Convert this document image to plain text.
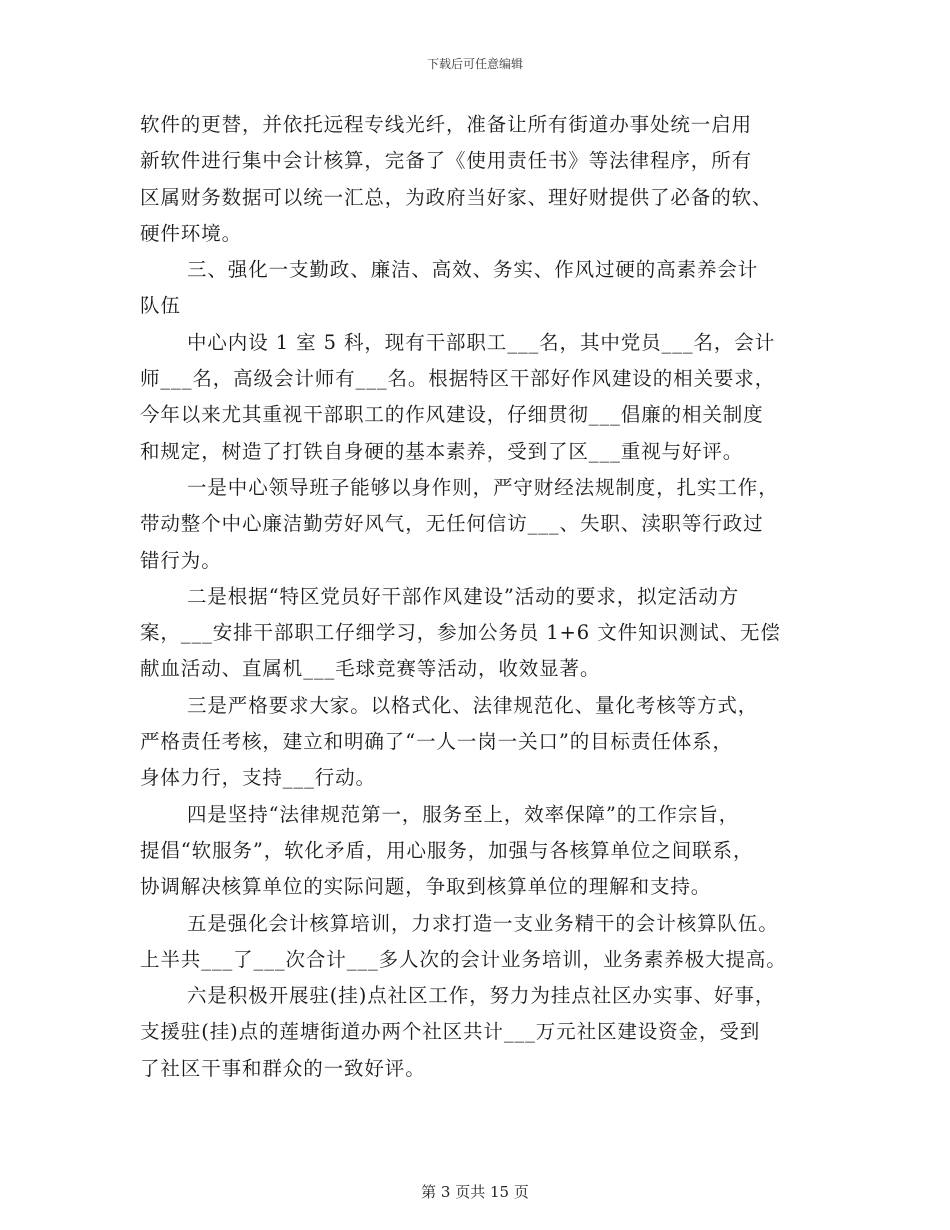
下载后可任意编辑
软件的更替，并依托远程专线光纤，准备让所有街道办事处统一启用
新软件进行集中会计核算，完备了《使用责任书》等法律程序，所有
区属财务数据可以统一汇总，为政府当好家、理好财提供了必备的软、
硬件环境。
三、强化一支勤政、廉洁、高效、务实、作风过硬的高素养会计
队伍
中心内设 1 室 5 科，现有干部职工___名，其中党员___名，会计
师___名，高级会计师有___名。根据特区干部好作风建设的相关要求，
今年以来尤其重视干部职工的作风建设，仔细贯彻___倡廉的相关制度
和规定，树造了打铁自身硬的基本素养，受到了区___重视与好评。
一是中心领导班子能够以身作则，严守财经法规制度，扎实工作，
带动整个中心廉洁勤劳好风气，无任何信访___、失职、渎职等行政过
错行为。
二是根据“特区党员好干部作风建设”活动的要求，拟定活动方
案，___安排干部职工仔细学习，参加公务员 1+6 文件知识测试、无偿
献血活动、直属机___毛球竞赛等活动，收效显著。
三是严格要求大家。以格式化、法律规范化、量化考核等方式，
严格责任考核，建立和明确了“一人一岗一关口”的目标责任体系，
身体力行，支持___行动。
四是坚持“法律规范第一，服务至上，效率保障”的工作宗旨，
提倡“软服务”，软化矛盾，用心服务，加强与各核算单位之间联系，
协调解决核算单位的实际问题，争取到核算单位的理解和支持。
五是强化会计核算培训，力求打造一支业务精干的会计核算队伍。
上半共___了___次合计___多人次的会计业务培训，业务素养极大提高。
六是积极开展驻(挂)点社区工作，努力为挂点社区办实事、好事，
支援驻(挂)点的莲塘街道办两个社区共计___万元社区建设资金，受到
了社区干事和群众的一致好评。
第 3 页共 15 页
